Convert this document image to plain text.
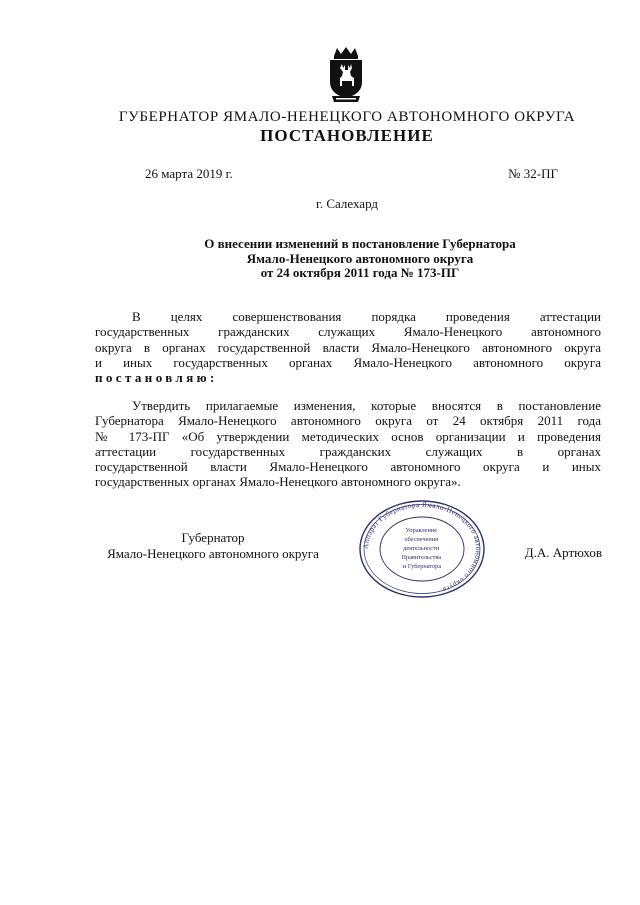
ГУБЕРНАТОР ЯМАЛО-НЕНЕЦКОГО АВТОНОМНОГО ОКРУГА
ПОСТАНОВЛЕНИЕ
26 марта 2019 г.	№ 32-ПГ
г. Салехард
О внесении изменений в постановление Губернатора
Ямало-Ненецкого автономного округа
от 24 октября 2011 года № 173-ПГ
В целях совершенствования порядка проведения аттестации
государственных гражданских служащих Ямало-Ненецкого автономного
округа в органах государственной власти Ямало-Ненецкого автономного округа
и иных государственных органах Ямало-Ненецкого автономного округа
постановляю:
Утвердить прилагаемые изменения, которые вносятся в постановление
Губернатора Ямало-Ненецкого автономного округа от 24 октября 2011 года
№ 173-ПГ «Об утверждении методических основ организации и проведения
аттестации государственных гражданских служащих в органах
государственной власти Ямало-Ненецкого автономного округа и иных
государственных органах Ямало-Ненецкого автономного округа».
Губернатор
Ямало-Ненецкого автономного округа	Аппарат Губернатора Ямало-Ненецкого автономного округа
Управление обеспечения деятельности Правительства и Губернатора
Д.А. Артюхов
